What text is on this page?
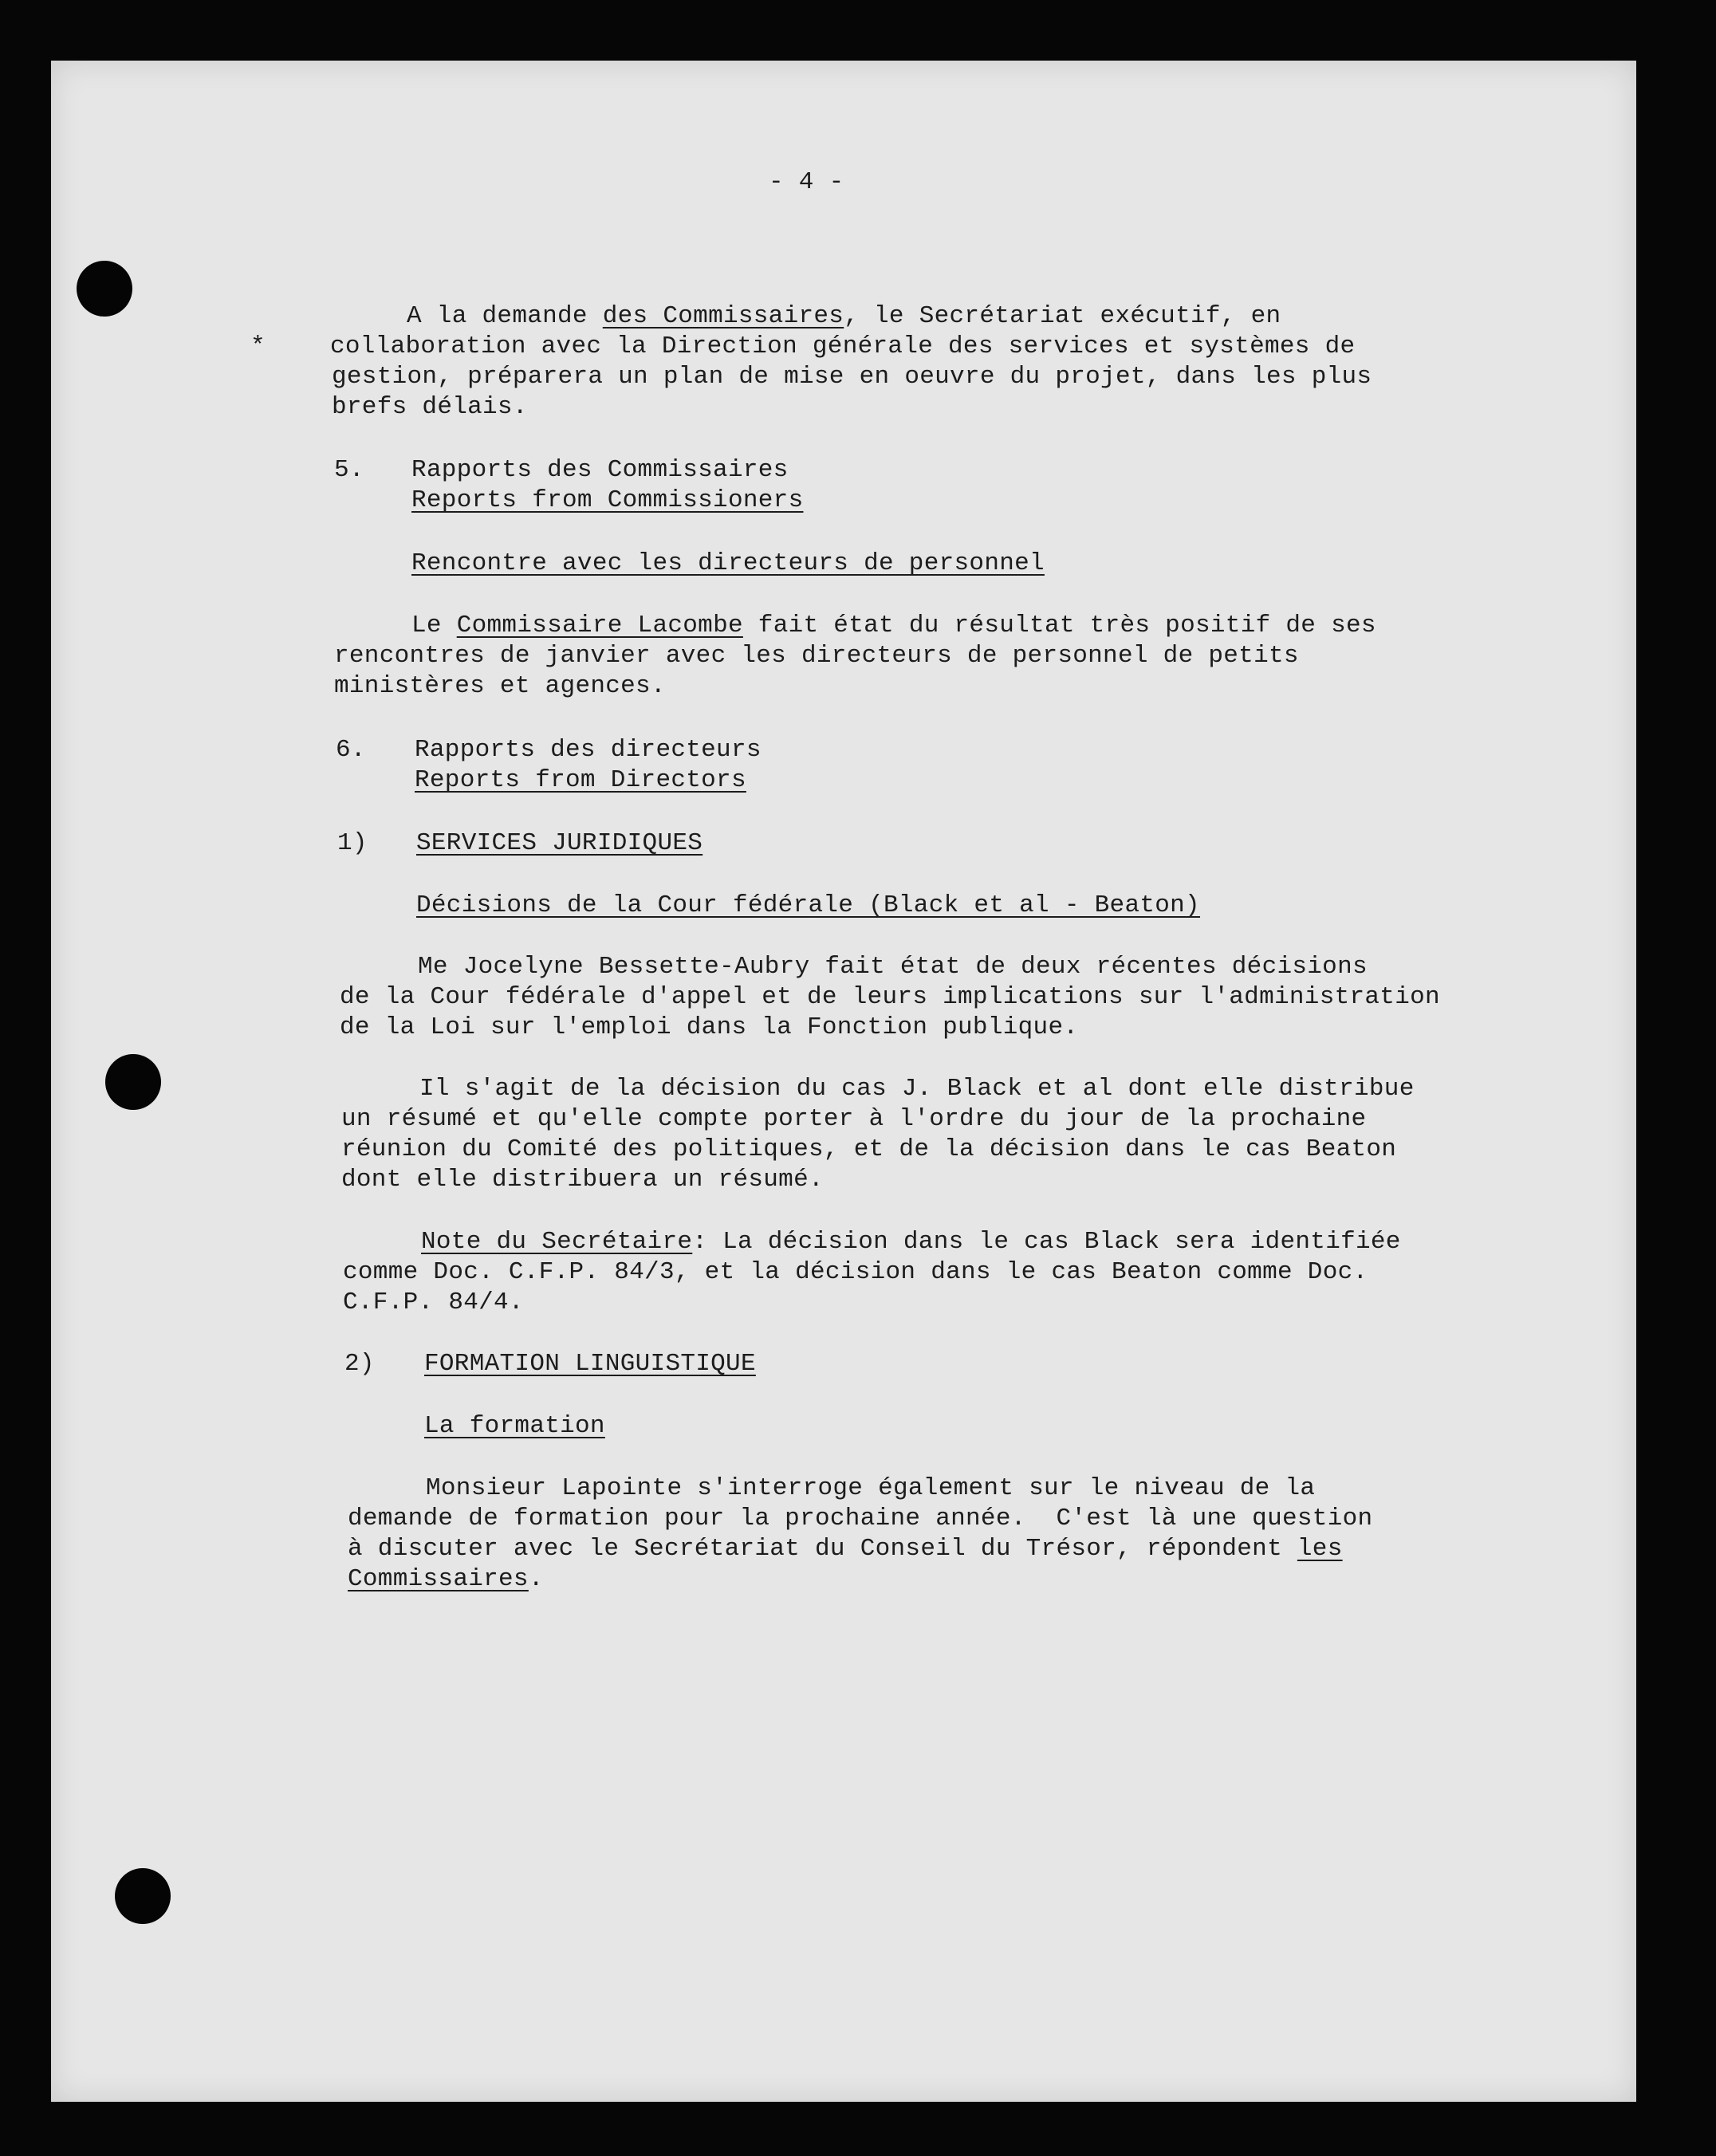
- 4 -
A la demande des Commissaires, le Secrétariat exécutif, en
*	collaboration avec la Direction générale des services et systèmes de
gestion, préparera un plan de mise en oeuvre du projet, dans les plus
brefs délais.
5. Rapports des Commissaires
Reports from Commissioners
Rencontre avec les directeurs de personnel
Le Commissaire Lacombe fait état du résultat très positif de ses
rencontres de janvier avec les directeurs de personnel de petits
ministères et agences.
6. Rapports des directeurs
Reports from Directors
1) SERVICES JURIDIQUES
Décisions de la Cour fédérale (Black et al - Beaton)
Me Jocelyne Bessette-Aubry fait état de deux récentes décisions
de la Cour fédérale d'appel et de leurs implications sur l'administration
de la Loi sur l'emploi dans la Fonction publique.
Il s'agit de la décision du cas J. Black et al dont elle distribue
un résumé et qu'elle compte porter à l'ordre du jour de la prochaine
réunion du Comité des politiques, et de la décision dans le cas Beaton
dont elle distribuera un résumé.
Note du Secrétaire: La décision dans le cas Black sera identifiée
comme Doc. C.F.P. 84/3, et la décision dans le cas Beaton comme Doc.
C.F.P. 84/4.
2) FORMATION LINGUISTIQUE
La formation
Monsieur Lapointe s'interroge également sur le niveau de la
demande de formation pour la prochaine année.  C'est là une question
à discuter avec le Secrétariat du Conseil du Trésor, répondent les
Commissaires.
